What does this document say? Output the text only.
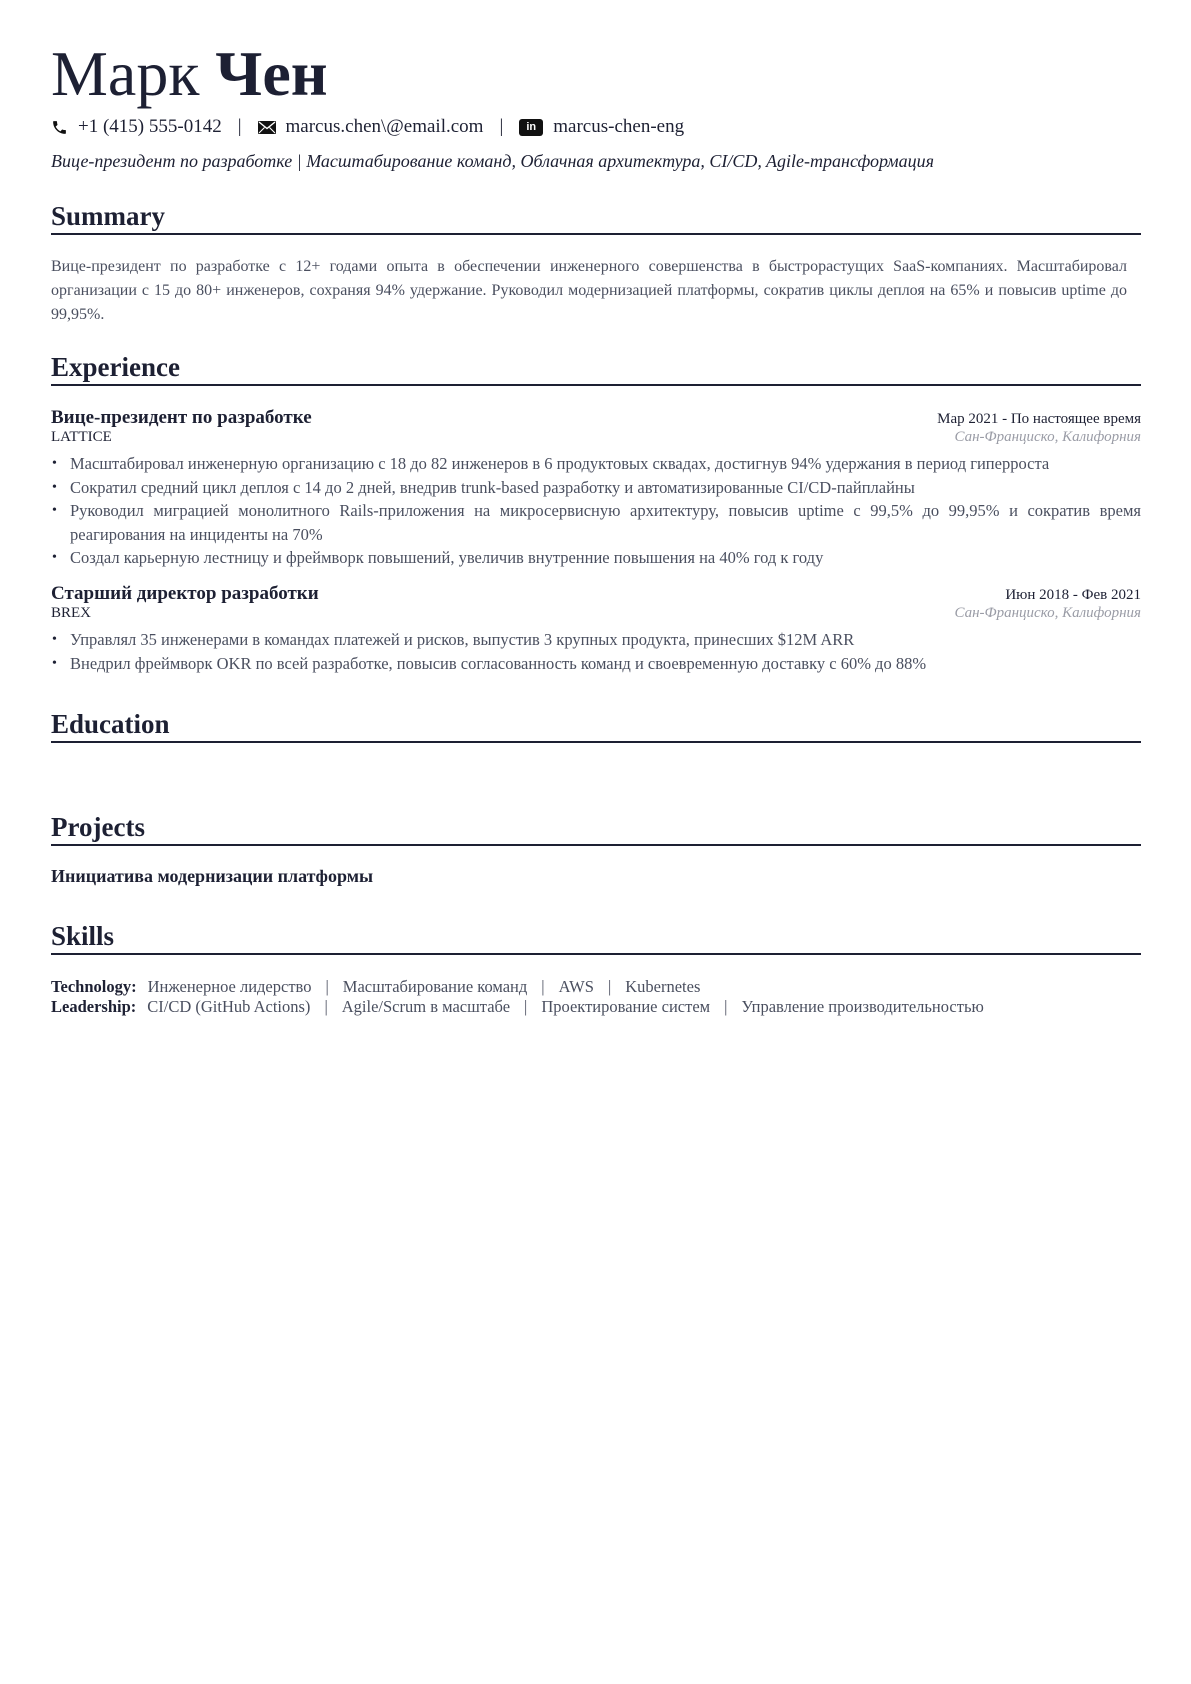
Марк Чен
+1 (415) 555-0142 | marcus.chen\@email.com |	in marcus-chen-eng
Вице-президент по разработке | Масштабирование команд, Облачная архитектура, CI/CD, Agile-трансформация
Summary
Вице-президент по разработке с 12+ годами опыта в обеспечении инженерного совершенства в быстрорастущих SaaS-компаниях. Масштабировал организации с 15 до 80+ инженеров, сохраняя 94% удержание. Руководил модернизацией платформы, сократив циклы деплоя на 65% и повысив uptime до 99,95%.
Experience
Вице-президент по разработке	Мар 2021 - По настоящее время
LATTICE	Сан-Франциско, Калифорния
• Масштабировал инженерную организацию с 18 до 82 инженеров в 6 продуктовых сквадах, достигнув 94% удержания в период гиперроста
• Сократил средний цикл деплоя с 14 до 2 дней, внедрив trunk-based разработку и автоматизированные CI/CD-пайплайны
• Руководил миграцией монолитного Rails-приложения на микросервисную архитектуру, повысив uptime с 99,5% до 99,95% и сократив время реагирования на инциденты на 70%
• Создал карьерную лестницу и фреймворк повышений, увеличив внутренние повышения на 40% год к году
Старший директор разработки	Июн 2018 - Фев 2021
BREX	Сан-Франциско, Калифорния
• Управлял 35 инженерами в командах платежей и рисков, выпустив 3 крупных продукта, принесших $12M ARR
• Внедрил фреймворк OKR по всей разработке, повысив согласованность команд и своевременную доставку с 60% до 88%
Education
Projects
Инициатива модернизации платформы
Skills
Technology: Инженерное лидерство | Масштабирование команд | AWS | Kubernetes
Leadership: CI/CD (GitHub Actions) | Agile/Scrum в масштабе | Проектирование систем | Управление производительностью
